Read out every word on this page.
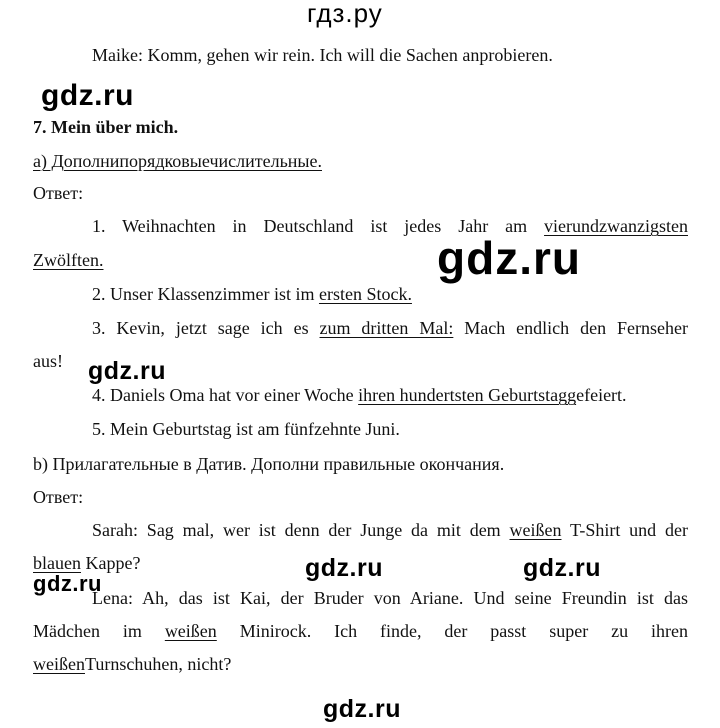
гдз.ру
Maike: Komm, gehen wir rein. Ich will die Sachen anprobieren.
gdz.ru
7. Mein über mich.
а) Дополнипорядковыечислительные.
Ответ:
1. Weihnachten in Deutschland ist jedes Jahr am vierundzwanzigsten
Zwölften.	gdz.ru
2. Unser Klassenzimmer ist im ersten Stock.
3. Kevin, jetzt sage ich es zum dritten Mal: Mach endlich den Fernseher
aus! gdz.ru
4. Daniels Oma hat vor einer Woche ihren hundertsten Geburtstaggefeiert.
5. Mein Geburtstag ist am fünfzehnte Juni.
b) Прилагательные в Датив. Дополни правильные окончания.
Ответ:
Sarah: Sag mal, wer ist denn der Junge da mit dem weißen T-Shirt und der
blauen Kappe?	gdz.ru	gdz.ru
gdz.ru
Lena: Ah, das ist Kai, der Bruder von Ariane. Und seine Freundin ist das
Mädchen im weißen Minirock. Ich finde, der passt super zu ihren
weißenTurnschuhen, nicht?
gdz.ru
